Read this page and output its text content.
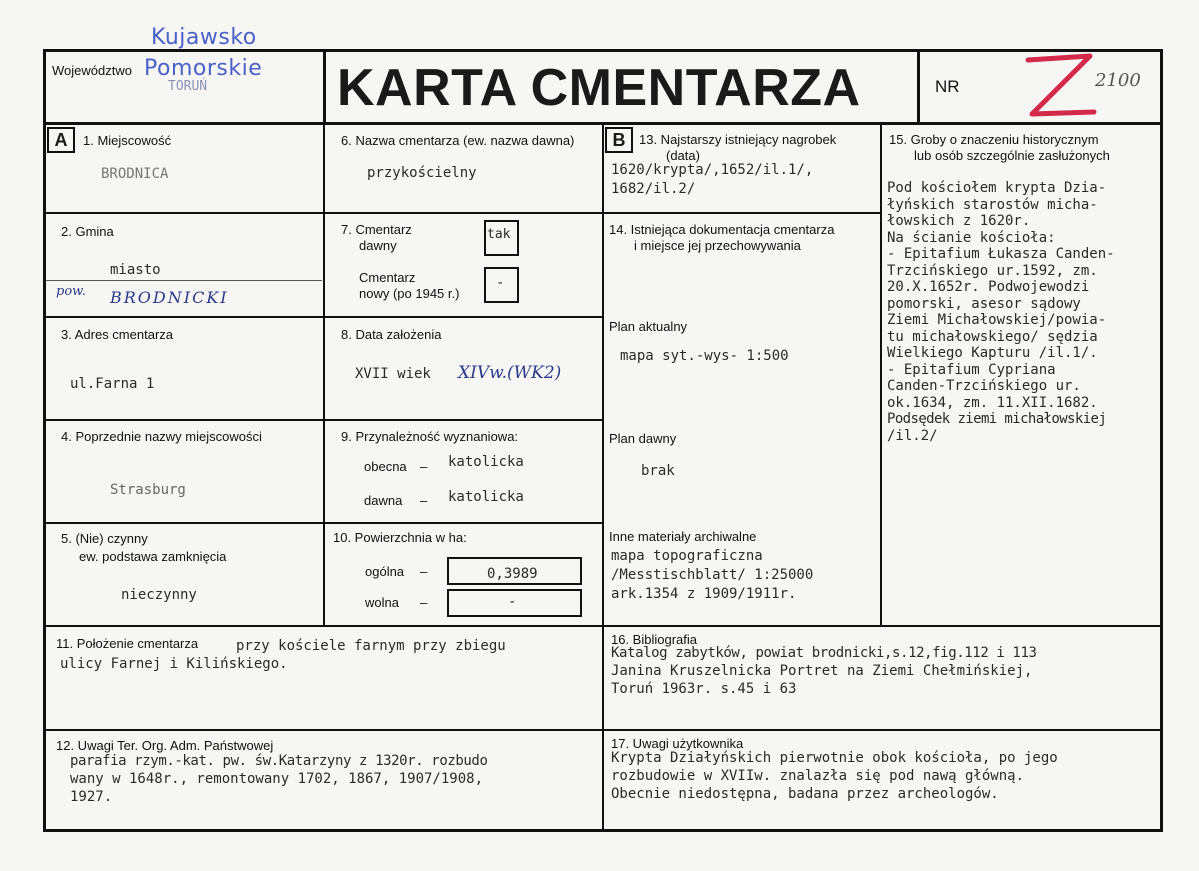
Województwo
Kujawsko
Pomorskie
TORUŃ KARTA CMENTARZA	NR	2100
A	B
1. Miejscowość
BRODNICA
2. Gmina
miasto
pow. BRODNICKI
3. Adres cmentarza
ul.Farna 1
4. Poprzednie nazwy miejscowości
Strasburg
5. (Nie) czynny
ew. podstawa zamknięcia
nieczynny
6. Nazwa cmentarza (ew. nazwa dawna)
przykościelny
7. Cmentarz
dawny
tak
Cmentarz
nowy (po 1945 r.)
-
8. Data założenia
XVII wiek XIVw.(WK2)
9. Przynależność wyznaniowa:
obecna – katolicka
dawna – katolicka
10. Powierzchnia w ha:
ogólna –	0,3989
wolna –	-
13. Najstarszy istniejący nagrobek
(data)
1620/krypta/,1652/il.1/,
1682/il.2/
14. Istniejąca dokumentacja cmentarza
i miejsce jej przechowywania
Plan aktualny
mapa syt.-wys- 1:500
Plan dawny
brak
Inne materiały archiwalne
mapa topograficzna
/Messtischblatt/ 1:25000
ark.1354 z 1909/1911r.
15. Groby o znaczeniu historycznym
lub osób szczególnie zasłużonych
Pod kościołem krypta Dzia-
łyńskich starostów micha-
łowskich z 1620r.
Na ścianie kościoła:
- Epitafium Łukasza Canden-
Trzcińskiego ur.1592, zm.
20.X.1652r. Podwojewodzi
pomorski, asesor sądowy
Ziemi Michałowskiej/powia-
tu michałowskiego/ sędzia
Wielkiego Kapturu /il.1/.
- Epitafium Cypriana
Canden-Trzcińskiego ur.
ok.1634, zm. 11.XII.1682.
Podsędek ziemi michałowskiej
/il.2/
11. Położenie cmentarza	przy kościele farnym przy zbiegu
ulicy Farnej i Kilińskiego.
16. Bibliografia
Katalog zabytków, powiat brodnicki,s.12,fig.112 i 113
Janina Kruszelnicka Portret na Ziemi Chełmińskiej,
Toruń 1963r. s.45 i 63
12. Uwagi Ter. Org. Adm. Państwowej
parafia rzym.-kat. pw. św.Katarzyny z 1320r. rozbudo
wany w 1648r., remontowany 1702, 1867, 1907/1908,
1927.
17. Uwagi użytkownika
Krypta Działyńskich pierwotnie obok kościoła, po jego
rozbudowie w XVIIw. znalazła się pod nawą główną.
Obecnie niedostępna, badana przez archeologów.
